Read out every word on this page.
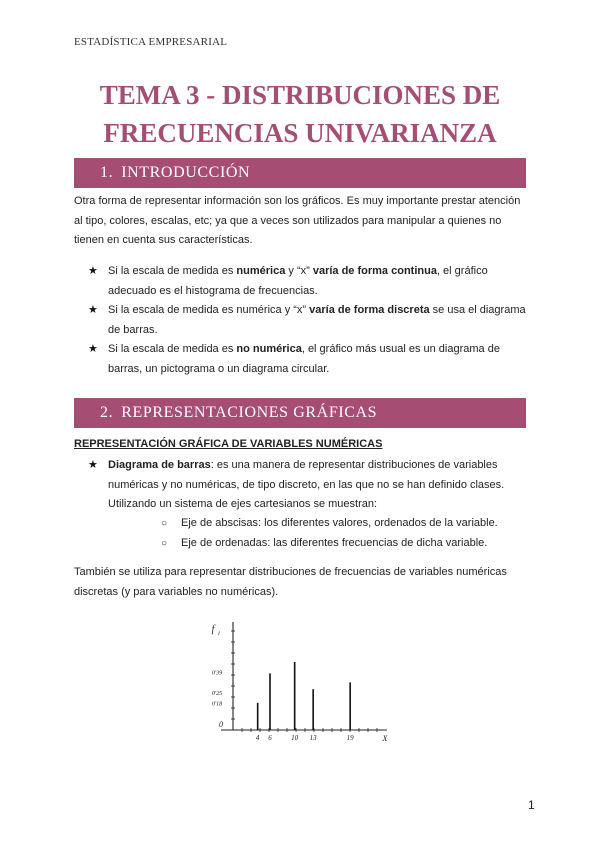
ESTADÍSTICA EMPRESARIAL
TEMA 3 - DISTRIBUCIONES DE
FRECUENCIAS UNIVARIANZA
1. INTRODUCCIÓN
Otra forma de representar información son los gráficos. Es muy importante prestar atención
al tipo, colores, escalas, etc; ya que a veces son utilizados para manipular a quienes no
tienen en cuenta sus características.
★ Si la escala de medida es numérica y “x” varía de forma continua, el gráfico adecuado es el histograma de frecuencias.
★ Si la escala de medida es numérica y “x” varía de forma discreta se usa el diagrama de barras.
★ Si la escala de medida es no numérica, el gráfico más usual es un diagrama de barras, un pictograma o un diagrama circular.
2. REPRESENTACIONES GRÁFICAS
REPRESENTACIÓN GRÁFICA DE VARIABLES NUMÉRICAS
★ Diagrama de barras: es una manera de representar distribuciones de variables numéricas y no numéricas, de tipo discreto, en las que no se han definido clases. Utilizando un sistema de ejes cartesianos se muestran:
○ Eje de abscisas: los diferentes valores, ordenados de la variable.
○ Eje de ordenadas: las diferentes frecuencias de dicha variable.
También se utiliza para representar distribuciones de frecuencias de variables numéricas
discretas (y para variables no numéricas).
f i
X
0
0'18
0'25
0'39
4 6	10 13	19
1
